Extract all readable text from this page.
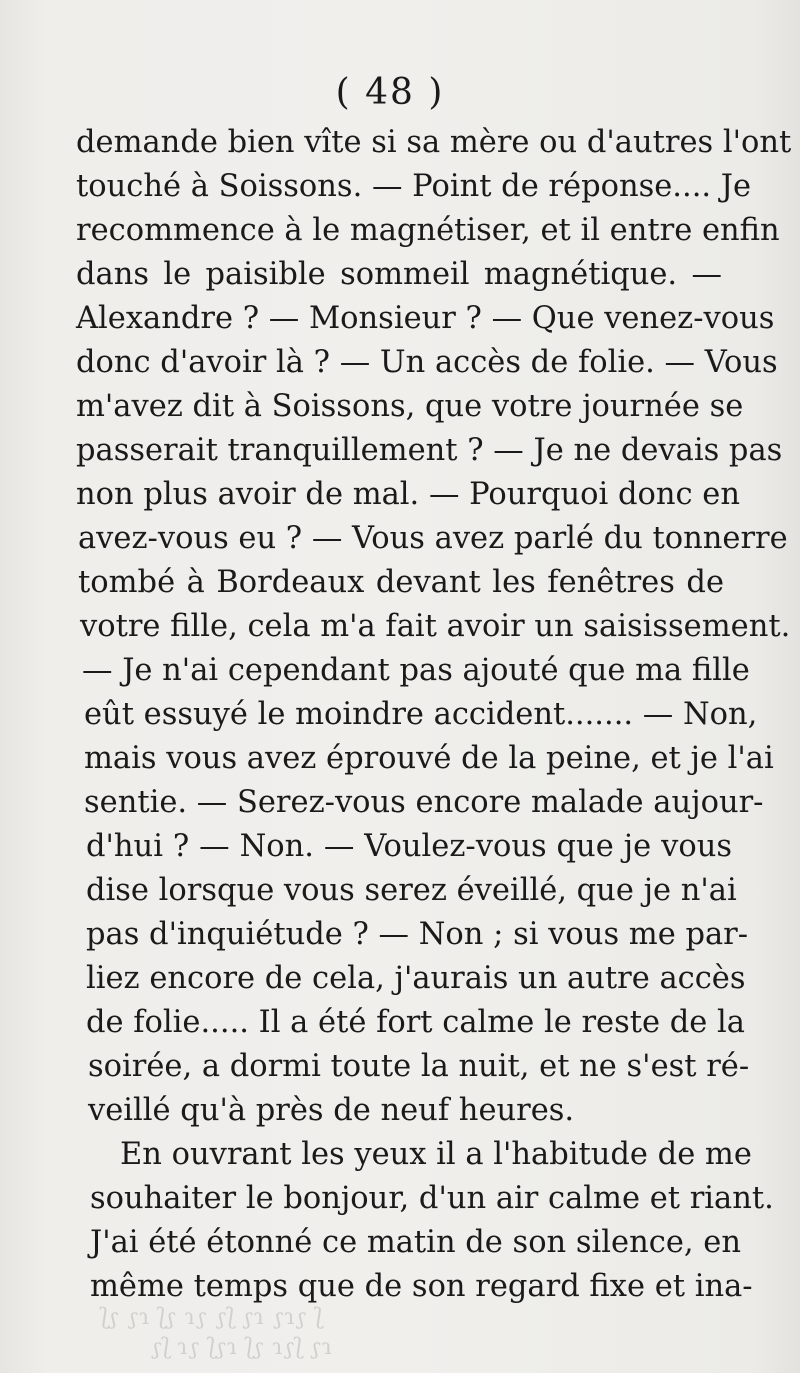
ʃ ʅɾʅ ɾʅ ʃʅ ʅɾ ʅʃ ɾʅ ʅʃ
ɾʅ ʃʅɾ ʅʃ ɾʅʃ ʅɾ ʃʅ
( 48 )
demande bien vîte si sa mère ou d'autres l'ont
touché à Soissons. — Point de réponse.... Je
recommence à le magnétiser, et il entre enfin
dans le paisible sommeil magnétique. —
Alexandre ? — Monsieur ? — Que venez-vous
donc d'avoir là ? — Un accès de folie. — Vous
m'avez dit à Soissons, que votre journée se
passerait tranquillement ? — Je ne devais pas
non plus avoir de mal. — Pourquoi donc en
avez-vous eu ? — Vous avez parlé du tonnerre
tombé à Bordeaux devant les fenêtres de
votre fille, cela m'a fait avoir un saisissement.
— Je n'ai cependant pas ajouté que ma fille
eût essuyé le moindre accident....... — Non,
mais vous avez éprouvé de la peine, et je l'ai
sentie. — Serez-vous encore malade aujour-
d'hui ? — Non. — Voulez-vous que je vous
dise lorsque vous serez éveillé, que je n'ai
pas d'inquiétude ? — Non ; si vous me par-
liez encore de cela, j'aurais un autre accès
de folie..... Il a été fort calme le reste de la
soirée, a dormi toute la nuit, et ne s'est ré-
veillé qu'à près de neuf heures.
En ouvrant les yeux il a l'habitude de me
souhaiter le bonjour, d'un air calme et riant.
J'ai été étonné ce matin de son silence, en
même temps que de son regard fixe et ina-
